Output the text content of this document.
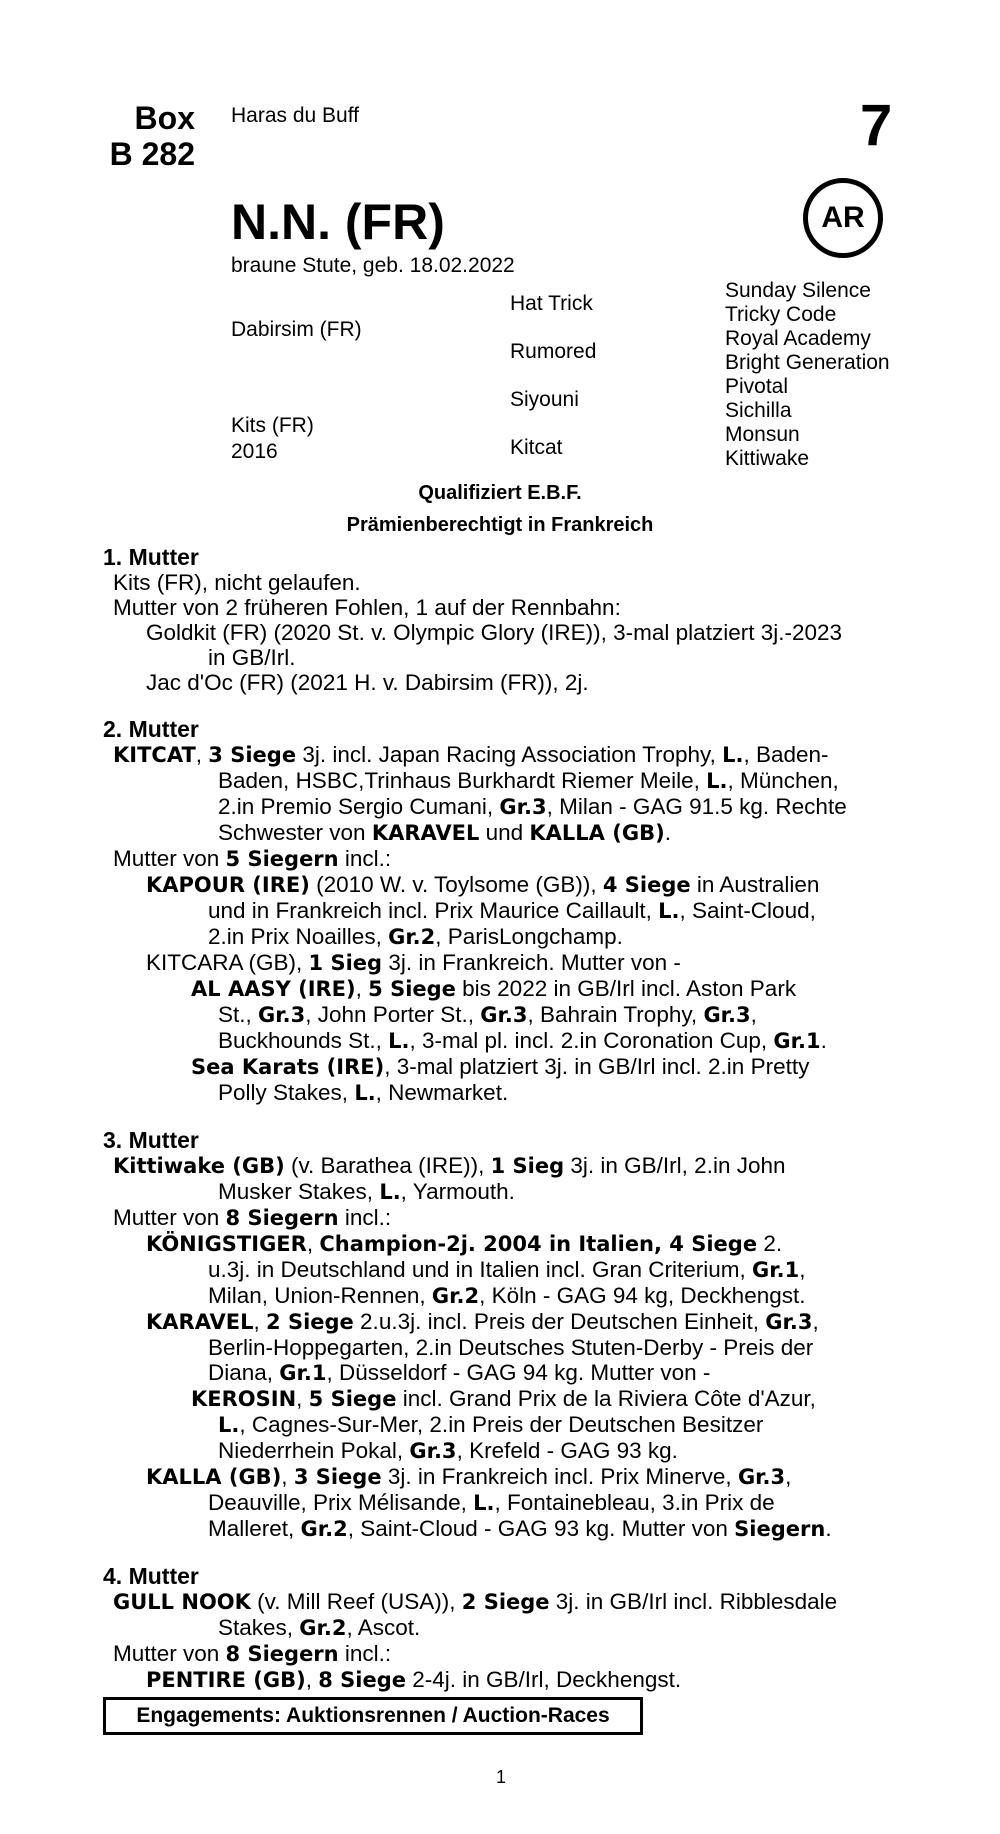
Box
B 282
Haras du Buff	7
N.N. (FR)	AR
braune Stute, geb. 18.02.2022
Dabirsim (FR)
Kits (FR)
2016
Hat Trick
Rumored
Siyouni
Kitcat
Sunday Silence
Tricky Code
Royal Academy
Bright Generation
Pivotal
Sichilla
Monsun
Kittiwake
Qualifiziert E.B.F.
Prämienberechtigt in Frankreich
1. Mutter
Kits (FR), nicht gelaufen.
Mutter von 2 früheren Fohlen, 1 auf der Rennbahn:
Goldkit (FR) (2020 St. v. Olympic Glory (IRE)), 3-mal platziert 3j.-2023
in GB/Irl.
Jac d'Oc (FR) (2021 H. v. Dabirsim (FR)), 2j.
2. Mutter
KITCAT, 3 Siege 3j. incl. Japan Racing Association Trophy, L., Baden-
Baden, HSBC,Trinhaus Burkhardt Riemer Meile, L., München,
2.in Premio Sergio Cumani, Gr.3, Milan - GAG 91.5 kg. Rechte
Schwester von KARAVEL und KALLA (GB).
Mutter von 5 Siegern incl.:
KAPOUR (IRE) (2010 W. v. Toylsome (GB)), 4 Siege in Australien
und in Frankreich incl. Prix Maurice Caillault, L., Saint-Cloud,
2.in Prix Noailles, Gr.2, ParisLongchamp.
KITCARA (GB), 1 Sieg 3j. in Frankreich. Mutter von -
AL AASY (IRE), 5 Siege bis 2022 in GB/Irl incl. Aston Park
St., Gr.3, John Porter St., Gr.3, Bahrain Trophy, Gr.3,
Buckhounds St., L., 3-mal pl. incl. 2.in Coronation Cup, Gr.1.
Sea Karats (IRE), 3-mal platziert 3j. in GB/Irl incl. 2.in Pretty
Polly Stakes, L., Newmarket.
3. Mutter
Kittiwake (GB) (v. Barathea (IRE)), 1 Sieg 3j. in GB/Irl, 2.in John
Musker Stakes, L., Yarmouth.
Mutter von 8 Siegern incl.:
KÖNIGSTIGER, Champion-2j. 2004 in Italien, 4 Siege 2.
u.3j. in Deutschland und in Italien incl. Gran Criterium, Gr.1,
Milan, Union-Rennen, Gr.2, Köln - GAG 94 kg, Deckhengst.
KARAVEL, 2 Siege 2.u.3j. incl. Preis der Deutschen Einheit, Gr.3,
Berlin-Hoppegarten, 2.in Deutsches Stuten-Derby - Preis der
Diana, Gr.1, Düsseldorf - GAG 94 kg. Mutter von -
KEROSIN, 5 Siege incl. Grand Prix de la Riviera Côte d'Azur,
L., Cagnes-Sur-Mer, 2.in Preis der Deutschen Besitzer
Niederrhein Pokal, Gr.3, Krefeld - GAG 93 kg.
KALLA (GB), 3 Siege 3j. in Frankreich incl. Prix Minerve, Gr.3,
Deauville, Prix Mélisande, L., Fontainebleau, 3.in Prix de
Malleret, Gr.2, Saint-Cloud - GAG 93 kg. Mutter von Siegern.
4. Mutter
GULL NOOK (v. Mill Reef (USA)), 2 Siege 3j. in GB/Irl incl. Ribblesdale
Stakes, Gr.2, Ascot.
Mutter von 8 Siegern incl.:
PENTIRE (GB), 8 Siege 2-4j. in GB/Irl, Deckhengst.
Engagements: Auktionsrennen / Auction-Races
1
